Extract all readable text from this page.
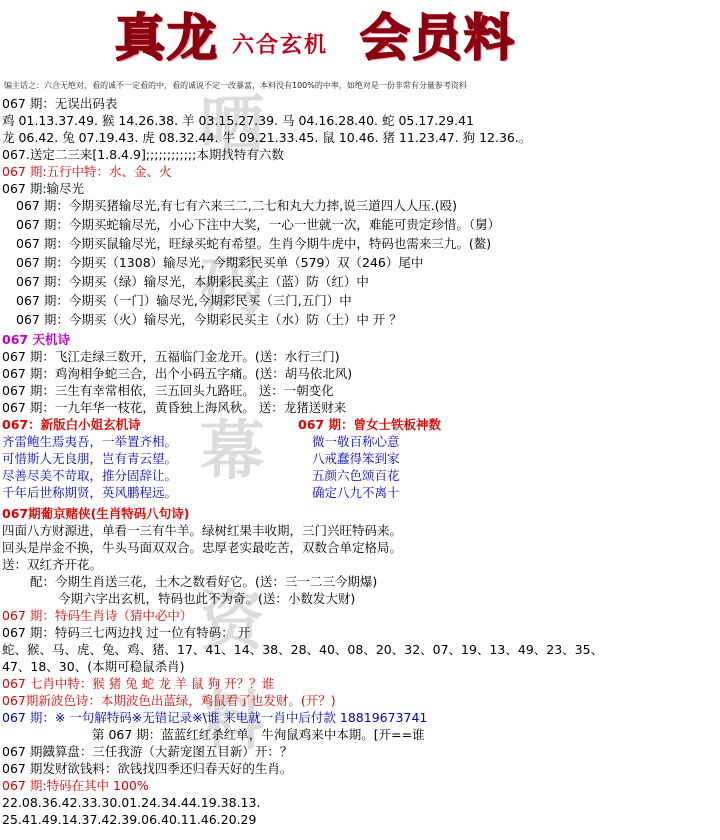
真龙 六合玄机 会员料
编主话之：六合无绝对，看的诚不一定看的中，看的诚说不定一改暴富，本料没有100%的中率，如绝对是一份非常有分量参考资料
晒
码
幕
资
料
067 期：无误出码表
鸡 01.13.37.49. 猴 14.26.38. 羊 03.15.27.39. 马 04.16.28.40. 蛇 05.17.29.41
龙 06.42. 兔 07.19.43. 虎 08.32.44. 牛 09.21.33.45. 鼠 10.46. 猪 11.23.47. 狗 12.36.。
067.送定二三来[1.8.4.9];;;;;;;;;;;;本期找特有六数
067 期:五行中特：水、金、火
067 期:输尽光
067 期：今期买猪输尽光,有七有六来三二,二七和丸大力摔,说三道四人人压.(殴)
067 期：今期买蛇输尽光，小心下注中大奖，一心一世就一次，难能可贵定珍惜。（舅）
067 期：今期买鼠输尽光，旺绿买蛇有希望。生肖今期牛虎中，特码也需来三九。(鳌)
067 期：今期买（1308）输尽光，今期彩民买单（579）双（246）尾中
067 期：今期买（绿）输尽光，本期彩民买主（蓝）防（红）中
067 期：今期买（一门）输尽光,今期彩民买（三门,五门）中
067 期：今期买（火）输尽光，今期彩民买主（水）防（土）中 开 ？
067 天机诗
067 期：飞江走绿三数开，五福临门金龙开。(送：水行三门)
067 期：鸡洵相争蛇三合，出个小码五字痛。(送：胡马依北风)
067 期：三生有幸常相依，三五回头九路旺。 送：一朝变化
067 期：一九年华一枝花，黄昏独上海风秋。 送：龙猪送财来
067：新版白小姐玄机诗	067 期：曾女士铁板神数
齐雷鲍生焉夷吾，一举置齐相。	微一敬百称心意
可惜斯人无良朋，岂有青云望。	八戒蠢得笨到家
尽善尽美不苛取，推分固辞让。	五颜六色颂百花
千年后世称期贤，英风鹏程远。	确定八九不离十
067期葡京赌侠(生肖特码八句诗)
四面八方财源进，单看一三有牛羊。绿树红果丰收期，三门兴旺特码来。
回头是岸金不换，牛头马面双双合。忠厚老实最吃苦，双数合单定格局。
送：双红齐开花。
配：今期生肖送三花，土木之数看好它。(送：三一二三今期爆)
今期六字出玄机，特码也此不为奇。(送：小数发大财)
067 期：特码生肖诗（猜中必中）
067 期：特码三七两边找 过一位有特码： 开
蛇、猴、马、虎、兔、鸡、猪、17、41、14、38、28、40、08、20、32、07、19、13、49、23、35、
47、18、30、(本期可稳鼠杀肖)
067 七肖中特：猴 猪 兔 蛇 龙 羊 鼠 狗 开？？谁
067期新波色诗：本期波色出蓝绿，鸡鼠看了也发财。(开？)
067 期：※ 一句解特码※无错记录※\谁 来电就一肖中后付款 18819673741
第 067 期：蓝蓝红红杀红单，牛洵鼠鸡来中本期。[开==谁
067 期鐡算盘：三任我游（大薪宠图五目新）开：？
067 期发财欲钱料：欲钱找四季还归春天好的生肖。
067 期:特码在其中 100%
22.08.36.42.33.30.01.24.34.44.19.38.13.
25.41.49.14.37.42.39.06.40.11.46.20.29
